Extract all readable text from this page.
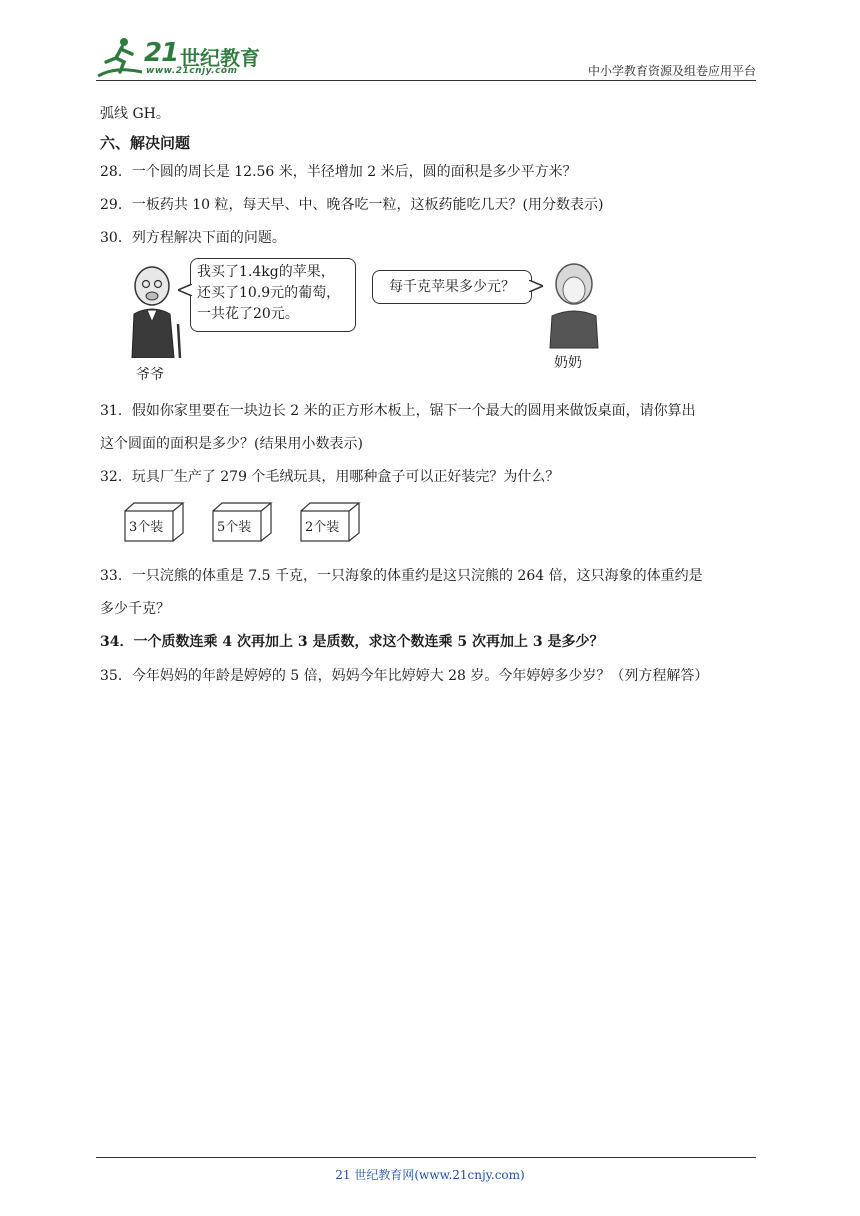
21 世纪教育
www.21cnjy.com	中小学教育资源及组卷应用平台
弧线 GH。
六、解决问题
28．一个圆的周长是 12.56 米，半径增加 2 米后，圆的面积是多少平方米？
29．一板药共 10 粒，每天早、中、晚各吃一粒，这板药能吃几天？(用分数表示)
30．列方程解决下面的问题。
我买了1.4kg的苹果，
还买了10.9元的葡萄，
一共花了20元。
爷爷
每千克苹果多少元？
奶奶
31．假如你家里要在一块边长 2 米的正方形木板上，锯下一个最大的圆用来做饭桌面，请你算出
这个圆面的面积是多少？(结果用小数表示)
32．玩具厂生产了 279 个毛绒玩具，用哪种盒子可以正好装完？为什么？
3个装	5个装	2个装
33．一只浣熊的体重是 7.5 千克，一只海象的体重约是这只浣熊的 264 倍，这只海象的体重约是
多少千克？
34．一个质数连乘 4 次再加上 3 是质数，求这个数连乘 5 次再加上 3 是多少？
35．今年妈妈的年龄是婷婷的 5 倍，妈妈今年比婷婷大 28 岁。今年婷婷多少岁？（列方程解答）
21 世纪教育网(www.21cnjy.com)
